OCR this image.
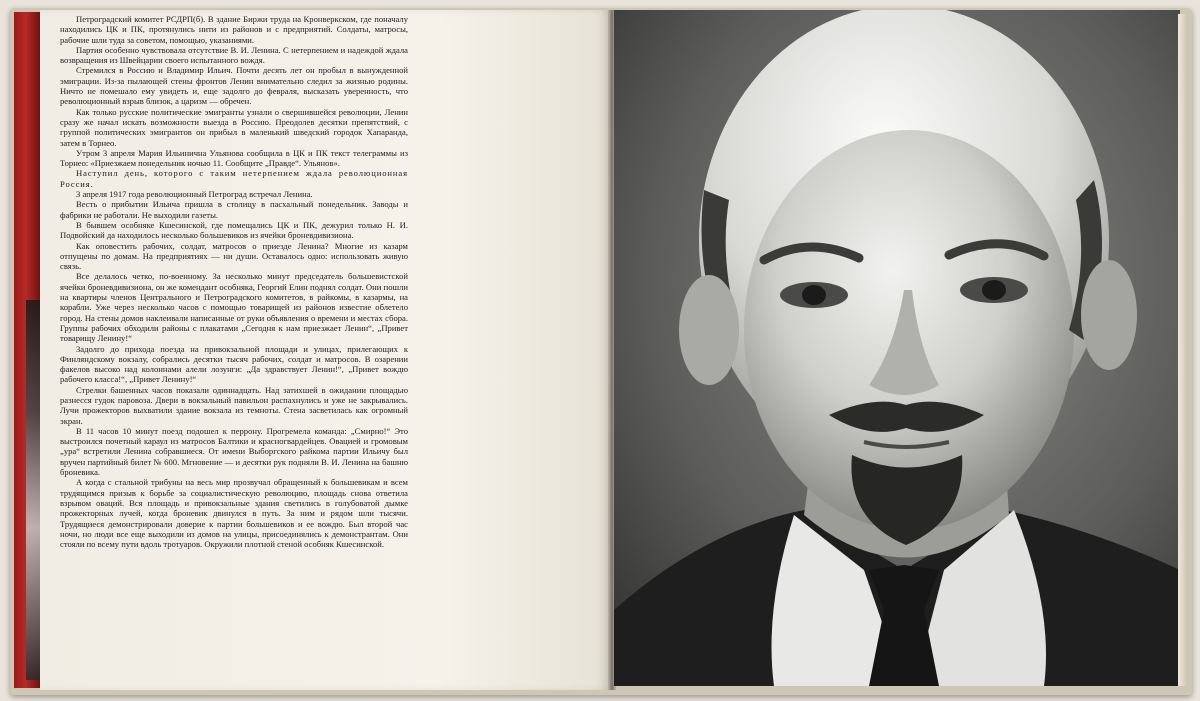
Петроградский комитет РСДРП(б). В здание Биржи труда на Кронверкском, где поначалу находились ЦК и ПК, протянулись нити из районов и с предприятий. Солдаты, матросы, рабочие шли туда за советом, помощью, указаниями.

Партия особенно чувствовала отсутствие В. И. Ленина. С нетерпением и надеждой ждала возвращения из Швейцарии своего испытанного вождя.

Стремился в Россию и Владимир Ильич. Почти десять лет он пробыл в вынужденной эмиграции. Из-за пылающей стены фронтов Ленин внимательно следил за жизнью родины. Ничто не помешало ему увидеть и, еще задолго до февраля, высказать уверенность, что революционный взрыв близок, а царизм — обречен.

Как только русские политические эмигранты узнали о свершившейся революции, Ленин сразу же начал искать возможности выезда в Россию. Преодолев десятки препятствий, с группой политических эмигрантов он прибыл в маленький шведский городок Хапаранда, затем в Торнео.

Утром 3 апреля Мария Ильинична Ульянова сообщила в ЦК и ПК текст телеграммы из Торнео: «Приезжаем понедельник ночью 11. Сообщите „Правде“. Ульянов».

Наступил день, которого с таким нетерпением ждала революционная Россия.

3 апреля 1917 года революционный Петроград встречал Ленина.

Весть о прибытии Ильича пришла в столицу в пасхальный понедельник. Заводы и фабрики не работали. Не выходили газеты.

В бывшем особняке Кшесинской, где помещались ЦК и ПК, дежурил только Н. И. Подвойский да находилось несколько большевиков из ячейки броневдивизиона.

Как оповестить рабочих, солдат, матросов о приезде Ленина? Многие из казарм отпущены по домам. На предприятиях — ни души. Оставалось одно: использовать живую связь.

Все делалось четко, по-военному. За несколько минут председатель большевистской ячейки броневдивизиона, он же комендант особняка, Георгий Елин поднял солдат. Они пошли на квартиры членов Центрального и Петроградского комитетов, в райкомы, в казармы, на корабли. Уже через несколько часов с помощью товарищей из районов известие облетело город. На стены домов наклеивали написанные от руки объявления о времени и местах сбора. Группы рабочих обходили районы с плакатами „Сегодня к нам приезжает Ленин“, „Привет товарищу Ленину!“

Задолго до прихода поезда на привокзальной площади и улицах, прилегающих к Финляндскому вокзалу, собрались десятки тысяч рабочих, солдат и матросов. В озарении факелов высоко над колоннами алели лозунги: „Да здравствует Ленин!“, „Привет вождю рабочего класса!“, „Привет Ленину!“

Стрелки башенных часов показали одиннадцать. Над затихшей в ожидании площадью разнесся гудок паровоза. Двери в вокзальный павильон распахнулись и уже не закрывались. Лучи прожекторов выхватили здание вокзала из темноты. Стена засветилась как огромный экран.

В 11 часов 10 минут поезд подошел к перрону. Прогремела команда: „Смирно!“ Это выстроился почетный караул из матросов Балтики и красногвардейцев. Овацией и громовым „ура“ встретили Ленина собравшиеся. От имени Выборгского райкома партии Ильичу был вручен партийный билет № 600. Мгновение — и десятки рук подняли В. И. Ленина на башню броневика.

А когда с стальной трибуны на весь мир прозвучал обращенный к большевикам и всем трудящимся призыв к борьбе за социалистическую революцию, площадь снова ответила взрывом оваций. Вся площадь и привокзальные здания светились в голубоватой дымке прожекторных лучей, когда броневик двинулся в путь. За ним и рядом шли тысячи. Трудящиеся демонстрировали доверие к партии большевиков и ее вождю. Был второй час ночи, но люди все еще выходили из домов на улицы, присоединялись к демонстрантам. Они стояли по всему пути вдоль тротуаров. Окружили плотной стеной особняк Кшесинской.
